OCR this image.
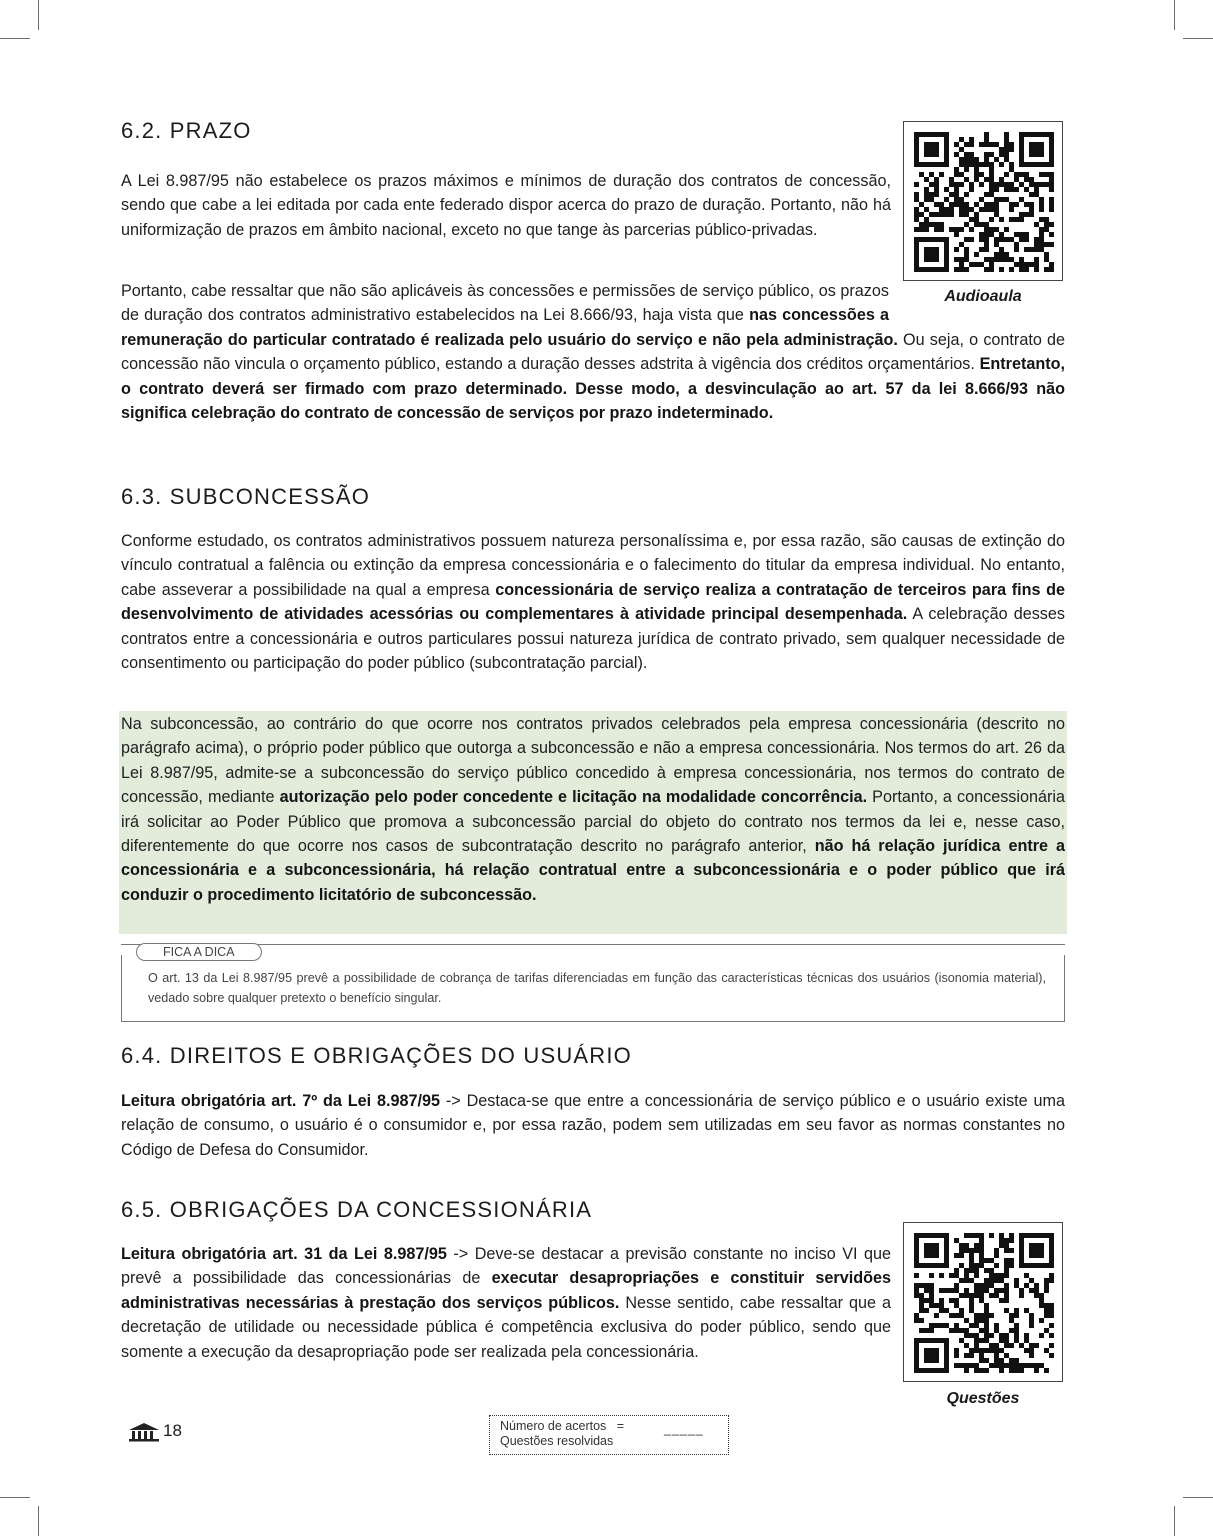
6.2. PRAZO

A Lei 8.987/95 não estabelece os prazos máximos e mínimos de duração dos contratos de concessão, sendo que cabe a lei editada por cada ente federado dispor acerca do prazo de duração. Portanto, não há uniformização de prazos em âmbito nacional, exceto no que tange às parcerias público-privadas.

Portanto, cabe ressaltar que não são aplicáveis às concessões e permissões de serviço público, os prazos de duração dos contratos administrativo estabelecidos na Lei 8.666/93, haja vista que nas concessões a remuneração do particular contratado é realizada pelo usuário do serviço e não pela administração. Ou seja, o contrato de concessão não vincula o orçamento público, estando a duração desses adstrita à vigência dos créditos orçamentários. Entretanto, o contrato deverá ser firmado com prazo determinado. Desse modo, a desvinculação ao art. 57 da lei 8.666/93 não significa celebração do contrato de concessão de serviços por prazo indeterminado.

Audioaula
6.3. SUBCONCESSÃO

Conforme estudado, os contratos administrativos possuem natureza personalíssima e, por essa razão, são causas de extinção do vínculo contratual a falência ou extinção da empresa concessionária e o falecimento do titular da empresa individual. No entanto, cabe asseverar a possibilidade na qual a empresa concessionária de serviço realiza a contratação de terceiros para fins de desenvolvimento de atividades acessórias ou complementares à atividade principal desempenhada. A celebração desses contratos entre a concessionária e outros particulares possui natureza jurídica de contrato privado, sem qualquer necessidade de consentimento ou participação do poder público (subcontratação parcial).

Na subconcessão, ao contrário do que ocorre nos contratos privados celebrados pela empresa concessionária (descrito no parágrafo acima), o próprio poder público que outorga a subconcessão e não a empresa concessionária. Nos termos do art. 26 da Lei 8.987/95, admite-se a subconcessão do serviço público concedido à empresa concessionária, nos termos do contrato de concessão, mediante autorização pelo poder concedente e licitação na modalidade concorrência. Portanto, a concessionária irá solicitar ao Poder Público que promova a subconcessão parcial do objeto do contrato nos termos da lei e, nesse caso, diferentemente do que ocorre nos casos de subcontratação descrito no parágrafo anterior, não há relação jurídica entre a concessionária e a subconcessionária, há relação contratual entre a subconcessionária e o poder público que irá conduzir o procedimento licitatório de subconcessão.

FICA A DICA

O art. 13 da Lei 8.987/95 prevê a possibilidade de cobrança de tarifas diferenciadas em função das características técnicas dos usuários (isonomia material), vedado sobre qualquer pretexto o benefício singular.

6.4. DIREITOS E OBRIGAÇÕES DO USUÁRIO

Leitura obrigatória art. 7º da Lei 8.987/95 -> Destaca-se que entre a concessionária de serviço público e o usuário existe uma relação de consumo, o usuário é o consumidor e, por essa razão, podem sem utilizadas em seu favor as normas constantes no Código de Defesa do Consumidor.

6.5. OBRIGAÇÕES DA CONCESSIONÁRIA

Leitura obrigatória art. 31 da Lei 8.987/95 -> Deve-se destacar a previsão constante no inciso VI que prevê a possibilidade das concessionárias de executar desapropriações e constituir servidões administrativas necessárias à prestação dos serviços públicos. Nesse sentido, cabe ressaltar que a decretação de utilidade ou necessidade pública é competência exclusiva do poder público, sendo que somente a execução da desapropriação pode ser realizada pela concessionária.

Questões
18	Número de acertos =
Questões resolvidas
_____
